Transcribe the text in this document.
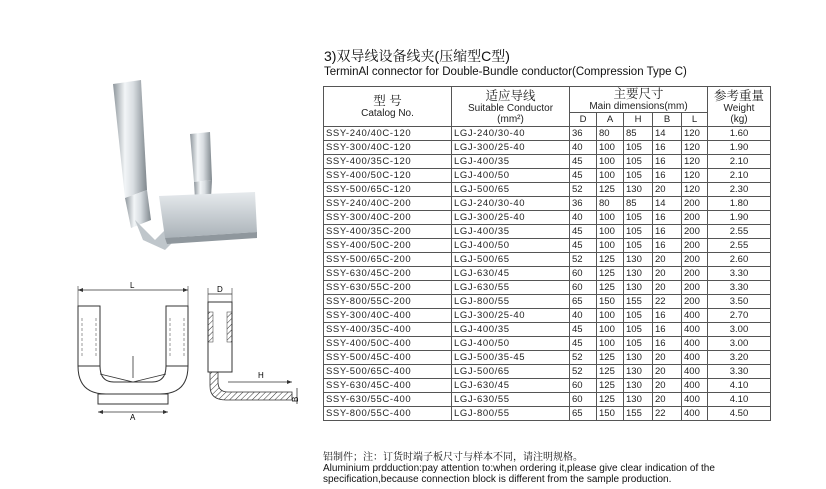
L
A
D
H
B
3)双导线设备线夹(压缩型C型)
TerminAl connector for Double-Bundle conductor(Compression Type C)
型 号
Catalog No.	适应导线
Suitable Conductor
(mm²)	主要尺寸
Main dimensions(mm)					参考重量
Weight
(kg)

		D	A	H	B	L	
SSY-240/40C-120	LGJ-240/30-40	36	80	85	14	120	1.60
SSY-300/40C-120	LGJ-300/25-40	40	100	105	16	120	1.90
SSY-400/35C-120	LGJ-400/35	45	100	105	16	120	2.10
SSY-400/50C-120	LGJ-400/50	45	100	105	16	120	2.10
SSY-500/65C-120	LGJ-500/65	52	125	130	20	120	2.30
SSY-240/40C-200	LGJ-240/30-40	36	80	85	14	200	1.80
SSY-300/40C-200	LGJ-300/25-40	40	100	105	16	200	1.90
SSY-400/35C-200	LGJ-400/35	45	100	105	16	200	2.55
SSY-400/50C-200	LGJ-400/50	45	100	105	16	200	2.55
SSY-500/65C-200	LGJ-500/65	52	125	130	20	200	2.60
SSY-630/45C-200	LGJ-630/45	60	125	130	20	200	3.30
SSY-630/55C-200	LGJ-630/55	60	125	130	20	200	3.30
SSY-800/55C-200	LGJ-800/55	65	150	155	22	200	3.50
SSY-300/40C-400	LGJ-300/25-40	40	100	105	16	400	2.70
SSY-400/35C-400	LGJ-400/35	45	100	105	16	400	3.00
SSY-400/50C-400	LGJ-400/50	45	100	105	16	400	3.00
SSY-500/45C-400	LGJ-500/35-45	52	125	130	20	400	3.20
SSY-500/65C-400	LGJ-500/65	52	125	130	20	400	3.30
SSY-630/45C-400	LGJ-630/45	60	125	130	20	400	4.10
SSY-630/55C-400	LGJ-630/55	60	125	130	20	400	4.10
SSY-800/55C-400	LGJ-800/55	65	150	155	22	400	4.50
铝制件；注：订货时端子板尺寸与样本不同，请注明规格。
Aluminium prdduction:pay attention to:when ordering it,please give clear indication of the specification,because connection block is different from the sample production.
